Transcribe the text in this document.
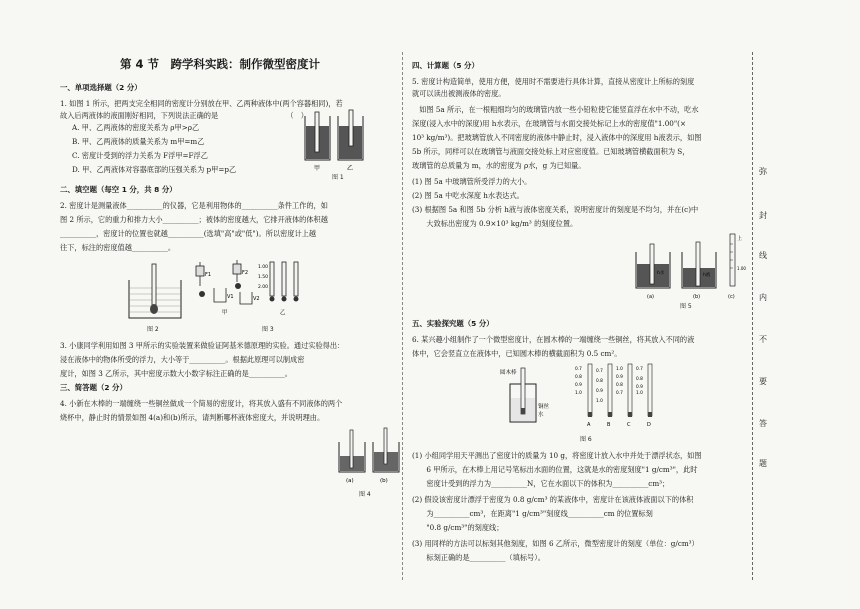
第 4 节　跨学科实践：制作微型密度计
一、单项选择题（2 分）
1. 如图 1 所示，把两支完全相同的密度计分别放在甲、乙两种液体中(两个容器相同)，若
故入后两液体的液面刚好相同，下列说法正确的是　　　　　　　　　　（　）
A. 甲、乙两液体的密度关系为 ρ甲>ρ乙
B. 甲、乙两液体的质量关系为 m甲=m乙
C. 密度计受到的浮力关系为 F浮甲=F浮乙
D. 甲、乙两液体对容器底部的压强关系为 p甲=p乙	甲	乙
图 1
二、填空题（每空 1 分，共 8 分）
2. 密度计是测量液体__________的仪器，它是利用物体的__________条件工作的，如
图 2 所示，它的重力和排力大小__________；被体的密度越大，它排开液体的体积越
__________，密度计的位置也就越__________(选填"高"或"低")。所以密度计上越
往下，标注的密度值越__________。
图 2
F1	F2
V1	V2
1.00
1.50
2.00
甲	乙
图 3
3. 小康同学利用如图 3 甲所示的实验装置来做验证阿基米德原理的实验。通过实验得出：
浸在液体中的物体所受的浮力，大小等于__________。根据此原理可以制成密
度计，如图 3 乙所示，其中密度示数大小数字标注正确的是__________。
三、简答题（2 分）
4. 小新在木棒的一端缠绕一些铜丝做成一个简易的密度计，将其放入盛有不同液体的两个
烧杯中，静止时的情景如图 4(a)和(b)所示，请判断哪杯液体密度大，并说明理由。
(a)	(b)
图 4
四、计算题（5 分）
5. 密度计构造简单，使用方便，使用时不需要进行具体计算，直接从密度计上所标的刻度
就可以读出被测液体的密度。
　如图 5a 所示，在一根粗细均匀的玻璃管内放一些小铅粒使它能竖直浮在水中不动，吃水
深度(浸入水中的深度)用 h水表示，在玻璃管与水面交接处标记上水的密度值"1.00"(×
10³ kg/m³)。把玻璃管放入不同密度的液体中静止时，浸入液体中的深度用 h液表示，如图
5b 所示，同样可以在玻璃管与液面交接处标上对应密度值。已知玻璃管横截面积为 S，
玻璃管的总质量为 m，水的密度为 ρ水，g 为已知量。
(1) 图 5a 中玻璃管所受浮力的大小。
(2) 图 5a 中吃水深度 h水表达式。
(3) 根据图 5a 和图 5b 分析 h液与液体密度关系，说明密度计的刻度是不均匀，并在(c)中
　　大致标出密度为 0.9×10³ kg/m³ 的刻度位置。
h水	h液
上
1.00
(a)	(b)	(c)
图 5
五、实验探究题（5 分）
6. 某兴趣小组制作了一个微型密度计，在圆木棒的一端缠绕一些铜丝，将其放入不同的液
体中，它会竖直立在液体中，已知圆木棒的横截面积为 0.5 cm²。
圆木棒
铜丝
水
0.7
0.8
0.9
1.0
A
0.7
0.8
0.9
1.0
B
1.0
0.9
0.8
0.7
C
0.7
0.8
0.9
1.0
D
图 6
(1) 小组同学用天平测出了密度计的质量为 10 g，将密度计放入水中并处于漂浮状态，如图
　　6 甲所示，在木棒上用记号笔标出水面的位置，这就是水的密度刻度"1 g/cm³"，此时
　　密度计受到的浮力为__________N，它在水面以下的体积为__________cm³；
(2) 假设该密度计漂浮于密度为 0.8 g/cm³ 的某液体中，密度计在该液体液面以下的体积
　　为__________cm³，在距离"1 g/cm³"刻度线__________cm 的位置标刻
　　"0.8 g/cm³"的刻度线；
(3) 用同样的方法可以标刻其他刻度，如图 6 乙所示，微型密度计的刻度（单位：g/cm³）
　　标刻正确的是__________（填标号）。
弥
封
线
内
不
要
答
题
